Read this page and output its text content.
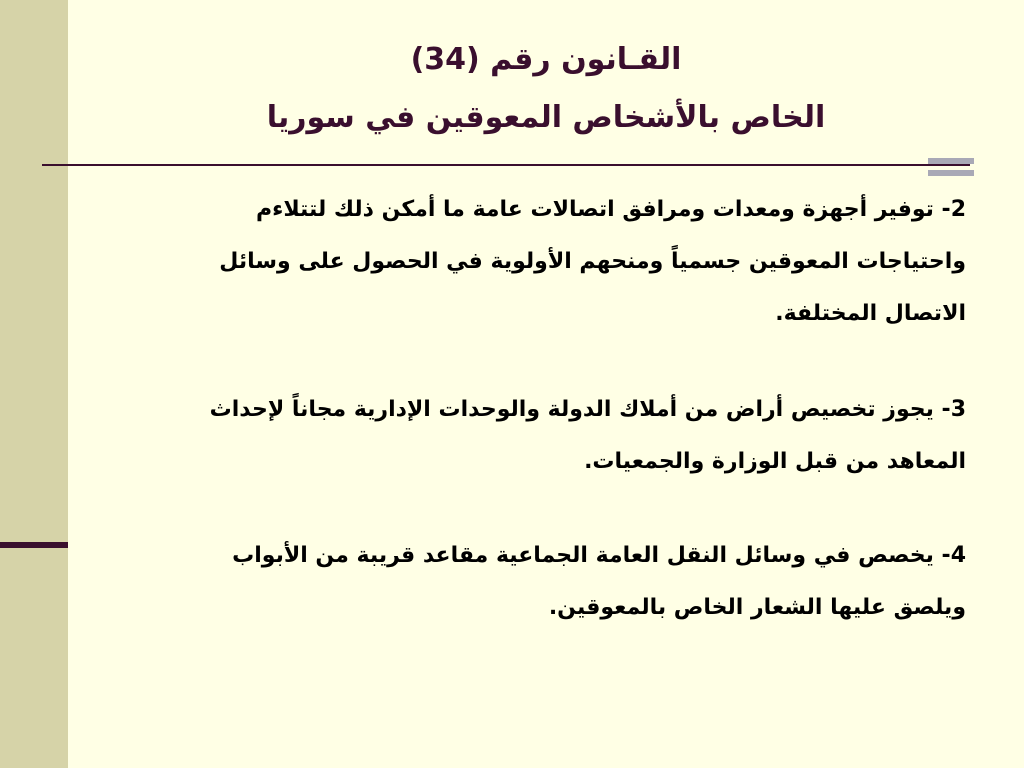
القـانون رقم (34)
الخاص بالأشخاص المعوقين في سوريا

2- توفير أجهزة ومعدات ومرافق اتصالات عامة ما أمكن ذلك لتتلاءم واحتياجات المعوقين جسمياً ومنحهم الأولوية في الحصول على وسائل الاتصال المختلفة.

3- يجوز تخصيص أراض من أملاك الدولة والوحدات الإدارية مجاناً لإحداث المعاهد من قبل الوزارة والجمعيات.

4- يخصص في وسائل النقل العامة الجماعية مقاعد قريبة من الأبواب ويلصق عليها الشعار الخاص بالمعوقين.
